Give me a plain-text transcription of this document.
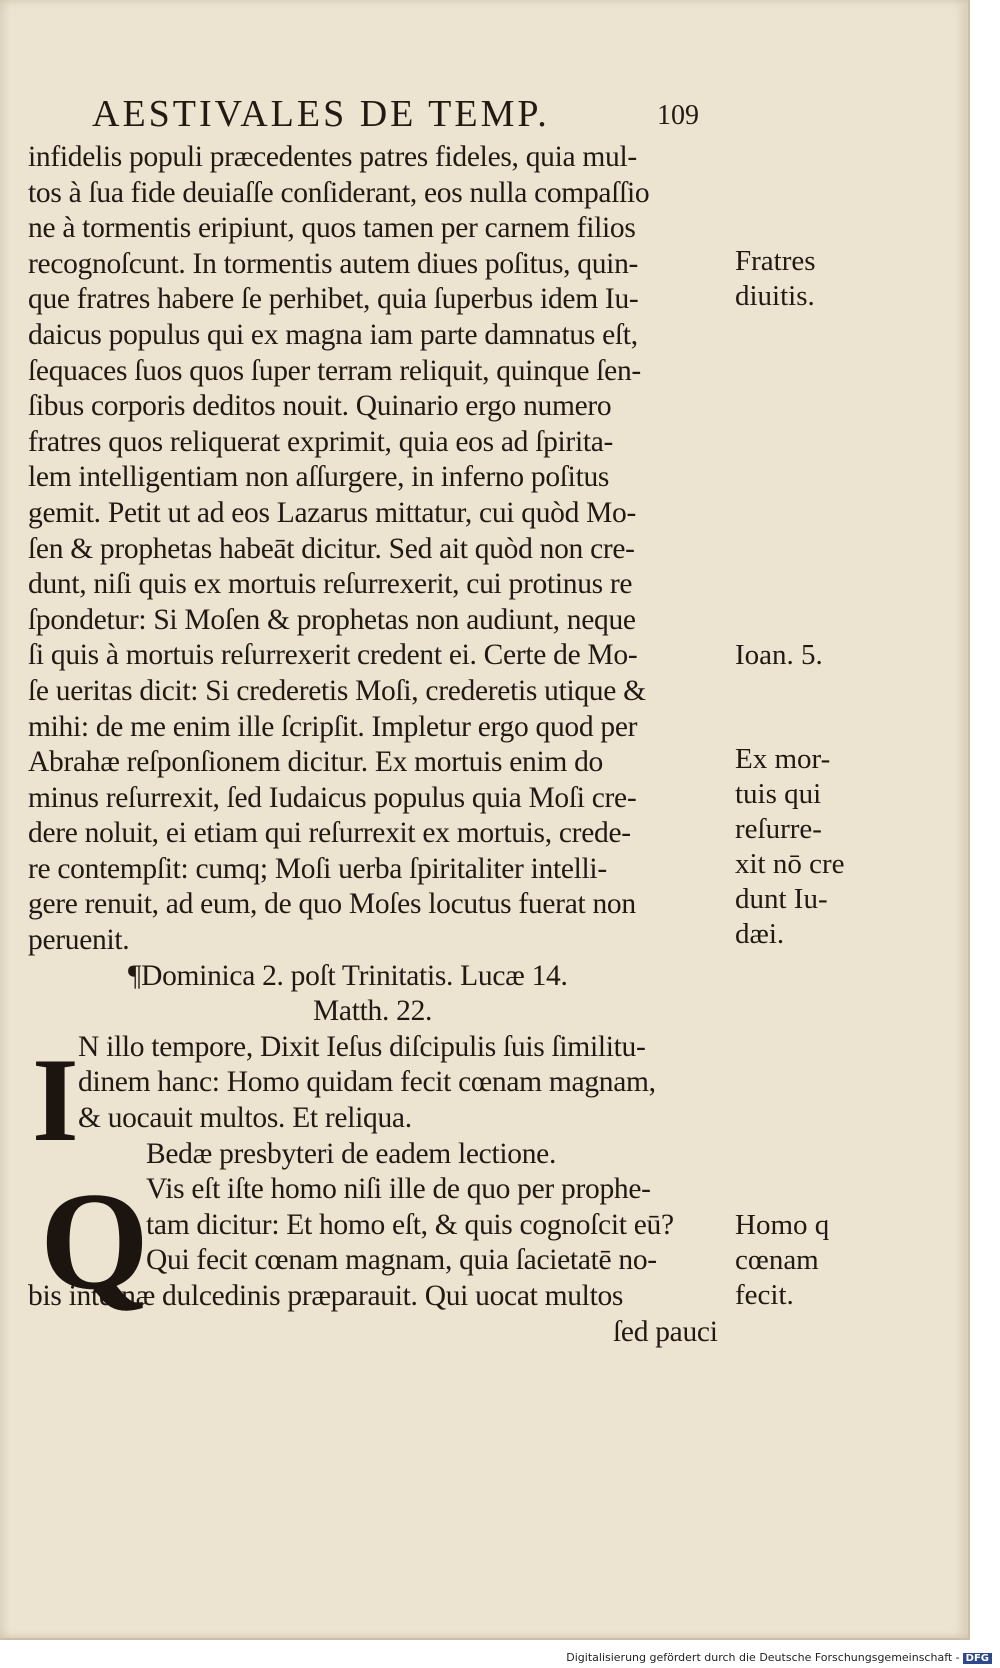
AESTIVALES DE TEMP.	109
infidelis populi præcedentes patres fideles, quia mul-
tos à ſua fide deuiaſſe conſiderant, eos nulla compaſſio
ne à tormentis eripiunt, quos tamen per carnem filios
recognoſcunt. In tormentis autem diues poſitus, quin-
que fratres habere ſe perhibet, quia ſuperbus idem Iu-
daicus populus qui ex magna iam parte damnatus eſt,
ſequaces ſuos quos ſuper terram reliquit, quinque ſen-
ſibus corporis deditos nouit. Quinario ergo numero
fratres quos reliquerat exprimit, quia eos ad ſpirita-
lem intelligentiam non aſſurgere, in inferno poſitus
gemit. Petit ut ad eos Lazarus mittatur, cui quòd Mo-
ſen & prophetas habeāt dicitur. Sed ait quòd non cre-
dunt, niſi quis ex mortuis reſurrexerit, cui protinus re
ſpondetur: Si Moſen & prophetas non audiunt, neque
ſi quis à mortuis reſurrexerit credent ei. Certe de Mo-
ſe ueritas dicit: Si crederetis Moſi, crederetis utique &
mihi: de me enim ille ſcripſit. Impletur ergo quod per
Abrahæ reſponſionem dicitur. Ex mortuis enim do
minus reſurrexit, ſed Iudaicus populus quia Moſi cre-
dere noluit, ei etiam qui reſurrexit ex mortuis, crede-
re contempſit: cumq; Moſi uerba ſpiritaliter intelli-
gere renuit, ad eum, de quo Moſes locutus fuerat non
peruenit.
¶Dominica 2. poſt Trinitatis. Lucæ 14.
Matth. 22.
N illo tempore, Dixit Ieſus diſcipulis ſuis ſimilitu-
dinem hanc: Homo quidam fecit cœnam magnam,
& uocauit multos. Et reliqua.
Bedæ presbyteri de eadem lectione.
Vis eſt iſte homo niſi ille de quo per prophe-
tam dicitur: Et homo eſt, & quis cognoſcit eū?
Qui fecit cœnam magnam, quia ſacietatē no-
bis internæ dulcedinis præparauit. Qui uocat multos
ſed pauci
I
Q
Fratres
diuitis.
Ioan. 5.
Ex mor-
tuis qui
reſurre-
xit nō cre
dunt Iu-
dæi.
Homo q
cœnam
fecit.
Digitalisierung gefördert durch die Deutsche Forschungsgemeinschaft - DFG
